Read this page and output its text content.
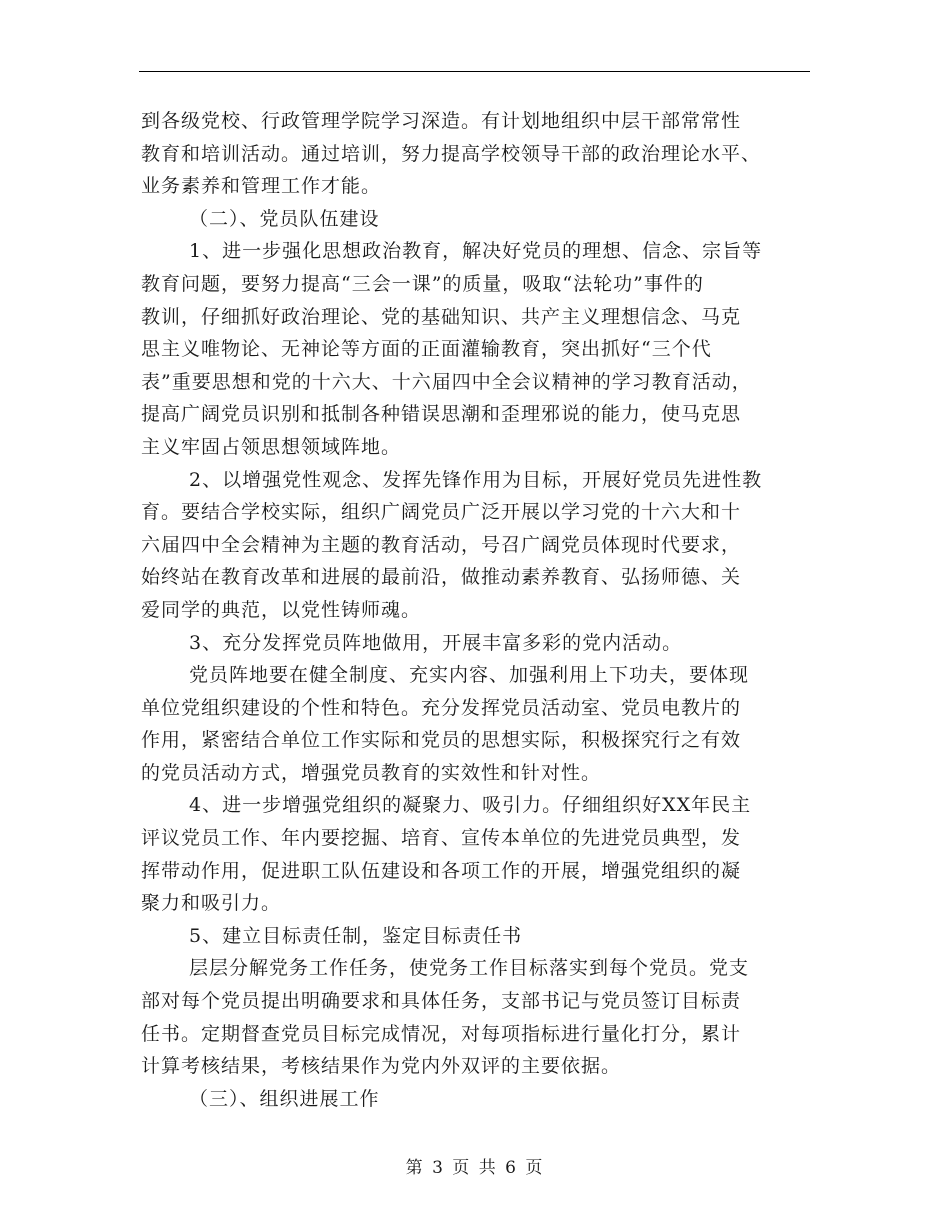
到各级党校、行政管理学院学习深造。有计划地组织中层干部常常性
教育和培训活动。通过培训，努力提高学校领导干部的政治理论水平、
业务素养和管理工作才能。
（二）、党员队伍建设
1、进一步强化思想政治教育，解决好党员的理想、信念、宗旨等
教育问题，要努力提高“三会一课”的质量，吸取“法轮功”事件的
教训，仔细抓好政治理论、党的基础知识、共产主义理想信念、马克
思主义唯物论、无神论等方面的正面灌输教育，突出抓好“三个代
表”重要思想和党的十六大、十六届四中全会议精神的学习教育活动，
提高广阔党员识别和抵制各种错误思潮和歪理邪说的能力，使马克思
主义牢固占领思想领域阵地。
2、以增强党性观念、发挥先锋作用为目标，开展好党员先进性教
育。要结合学校实际，组织广阔党员广泛开展以学习党的十六大和十
六届四中全会精神为主题的教育活动，号召广阔党员体现时代要求，
始终站在教育改革和进展的最前沿，做推动素养教育、弘扬师德、关
爱同学的典范，以党性铸师魂。
3、充分发挥党员阵地做用，开展丰富多彩的党内活动。
党员阵地要在健全制度、充实内容、加强利用上下功夫，要体现
单位党组织建设的个性和特色。充分发挥党员活动室、党员电教片的
作用，紧密结合单位工作实际和党员的思想实际，积极探究行之有效
的党员活动方式，增强党员教育的实效性和针对性。
4、进一步增强党组织的凝聚力、吸引力。仔细组织好XX年民主
评议党员工作、年内要挖掘、培育、宣传本单位的先进党员典型，发
挥带动作用，促进职工队伍建设和各项工作的开展，增强党组织的凝
聚力和吸引力。
5、建立目标责任制，鉴定目标责任书
层层分解党务工作任务，使党务工作目标落实到每个党员。党支
部对每个党员提出明确要求和具体任务，支部书记与党员签订目标责
任书。定期督查党员目标完成情况，对每项指标进行量化打分，累计
计算考核结果，考核结果作为党内外双评的主要依据。
（三）、组织进展工作
第 3 页 共 6 页
